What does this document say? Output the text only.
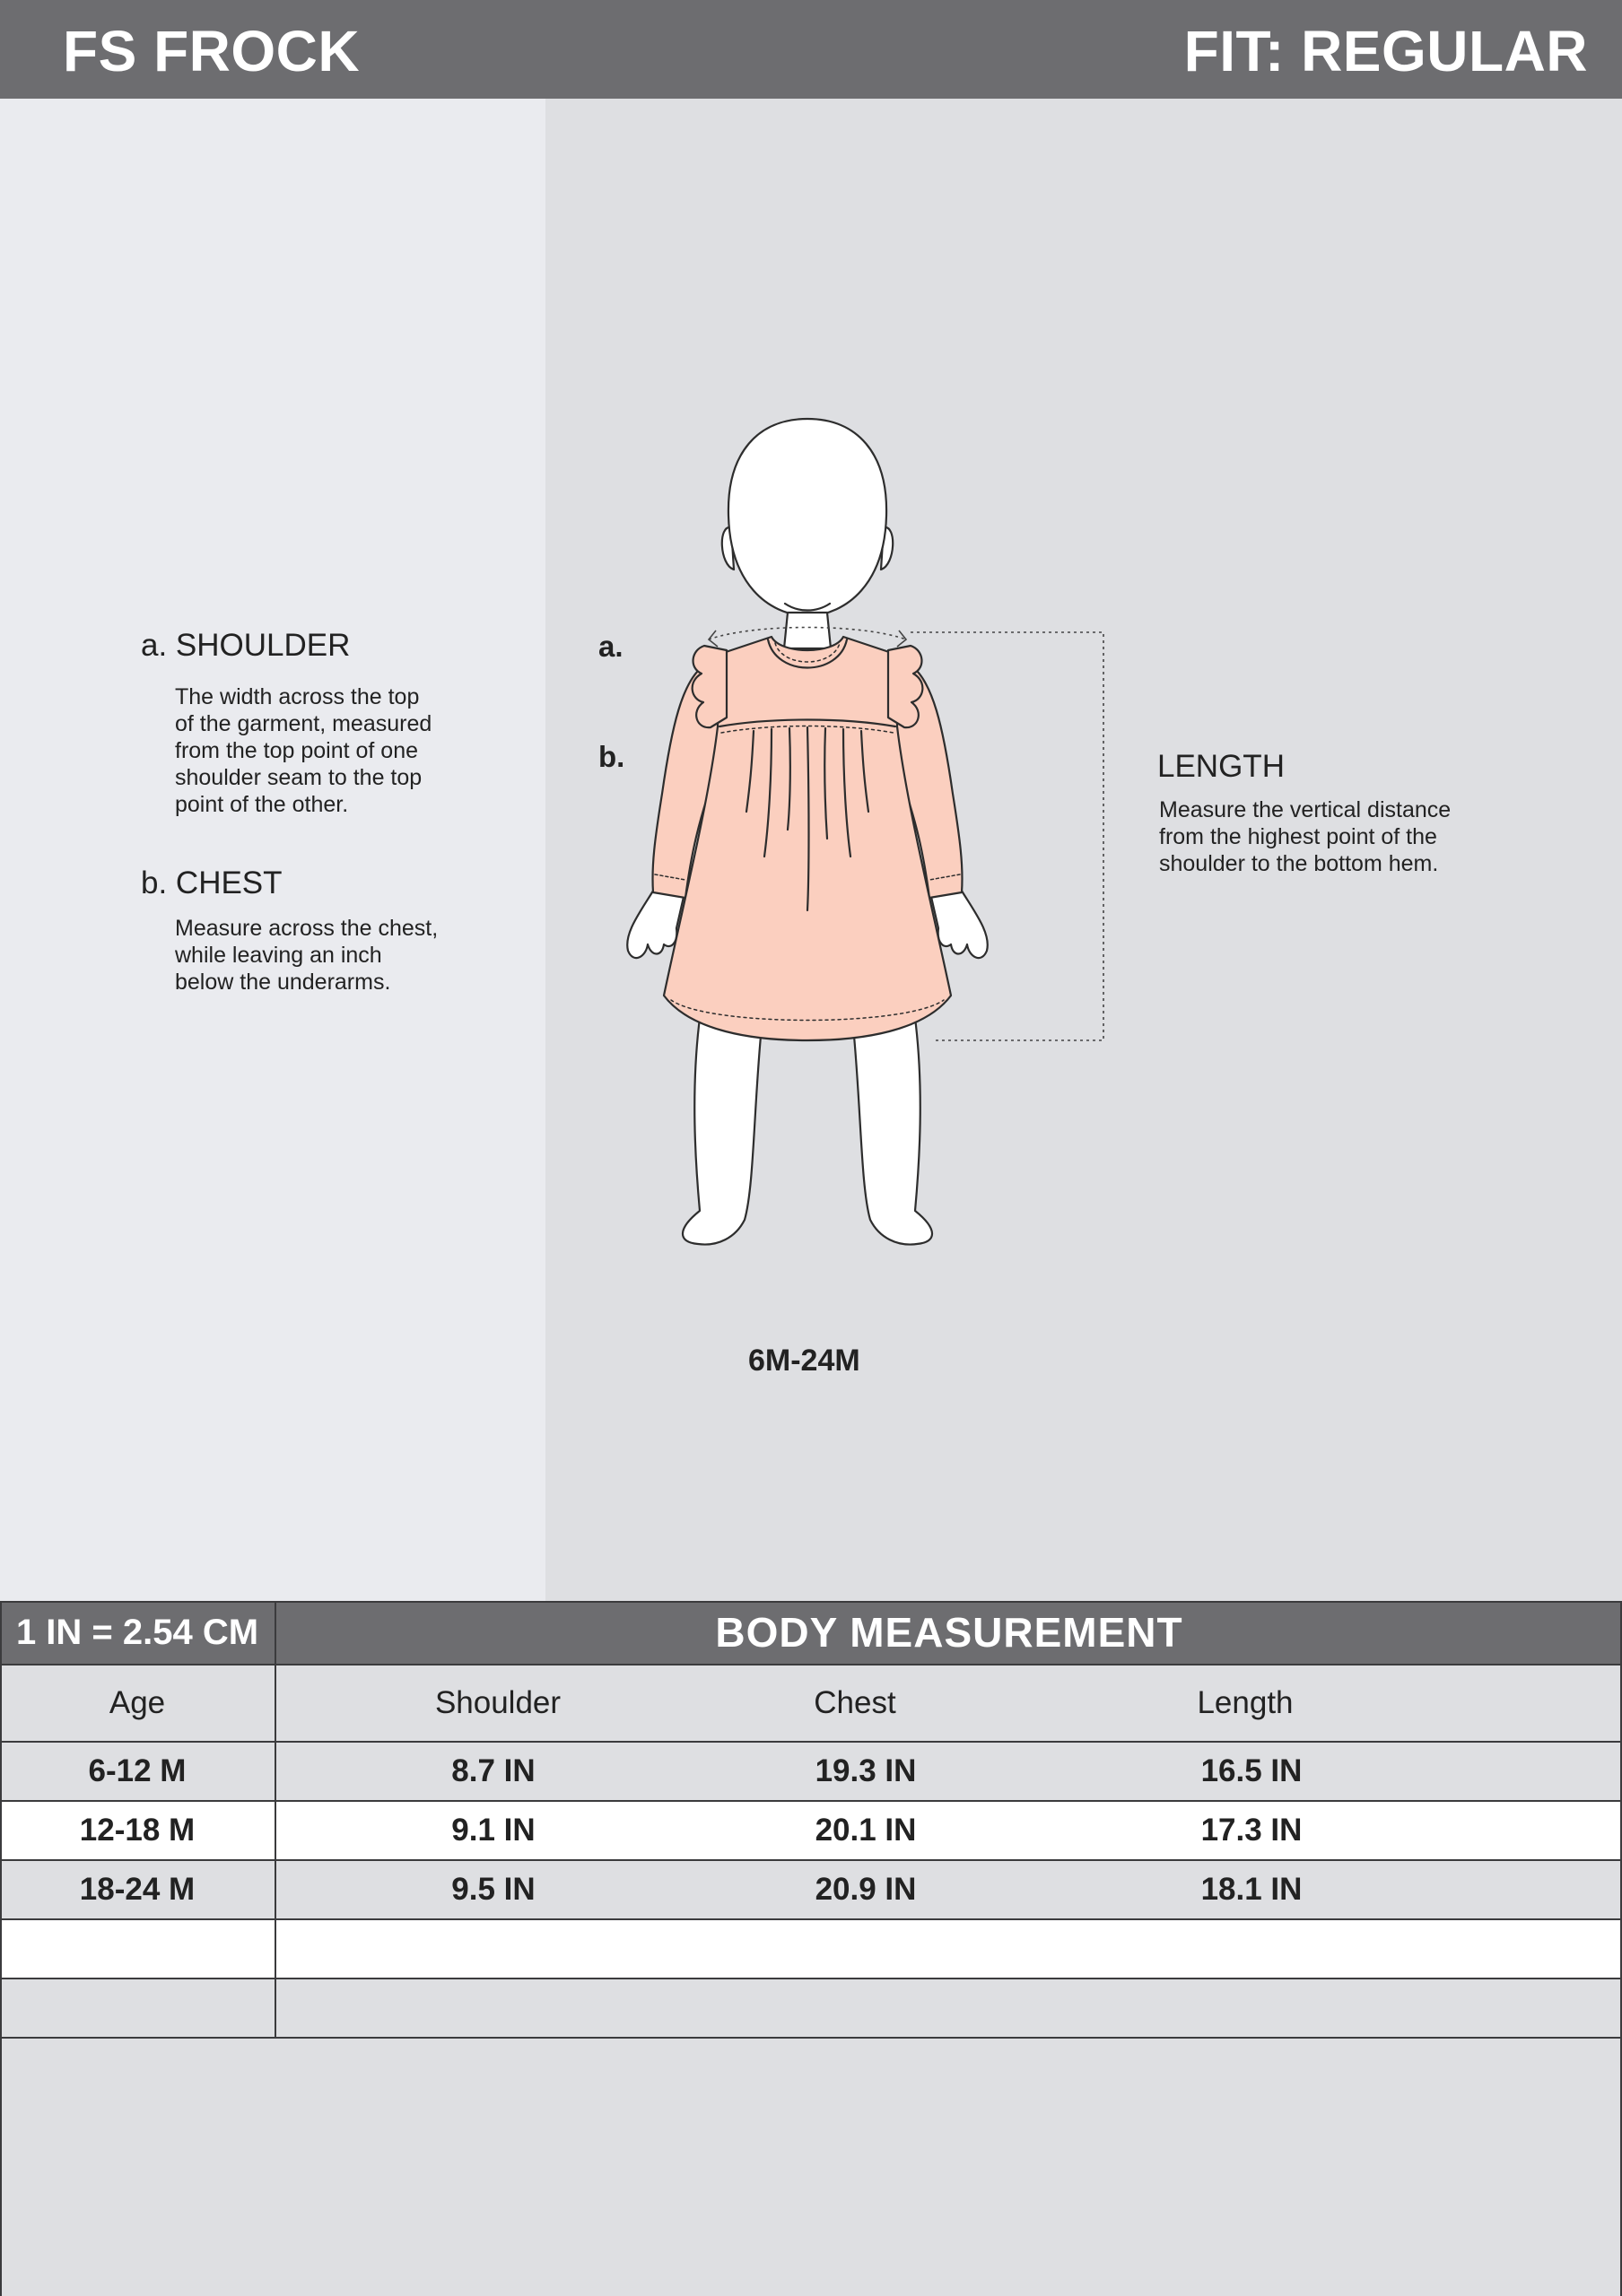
FS FROCK	FIT: REGULAR
a. SHOULDER
The width across the top
of the garment, measured
from the top point of one
shoulder seam to the top
point of the other.
b. CHEST
Measure across the chest,
while leaving an inch
below the underarms.
LENGTH
Measure the vertical distance
from the highest point of the
shoulder to the bottom hem.
a.
b.
6M-24M
1 IN = 2.54 CM	BODY MEASUREMENT
Age	Shoulder	Chest	Length
6-12 M	8.7 IN	19.3 IN	16.5 IN
12-18 M	9.1 IN	20.1 IN	17.3 IN
18-24 M	9.5 IN	20.9 IN	18.1 IN
